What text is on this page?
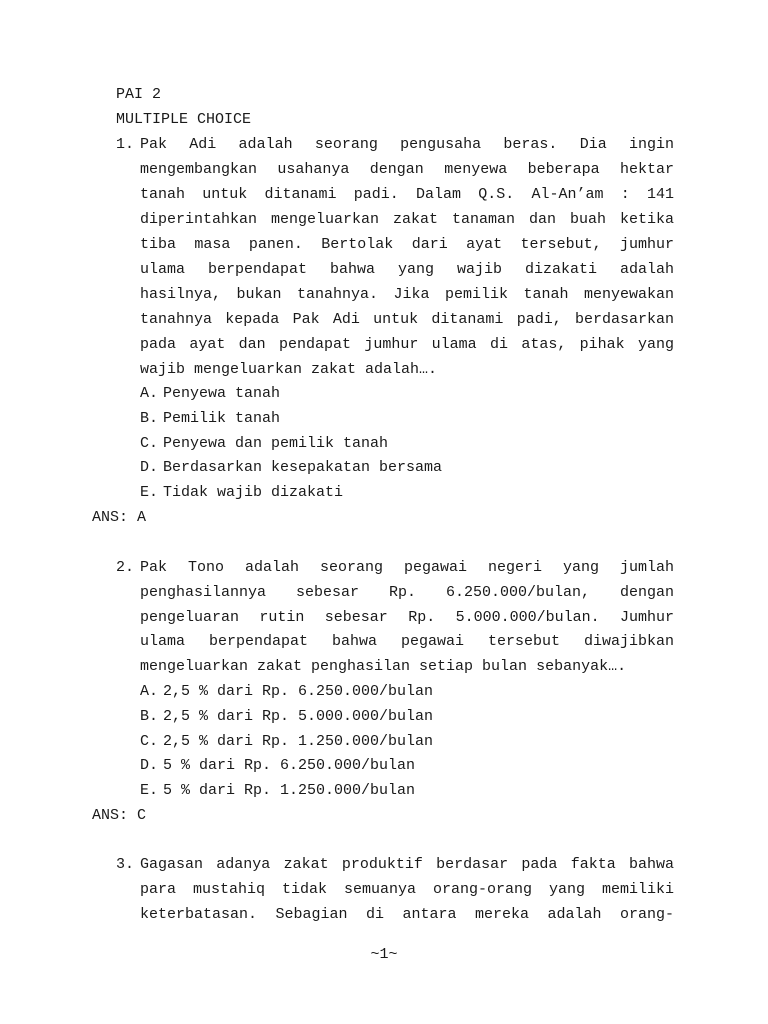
PAI 2
MULTIPLE CHOICE
1. Pak Adi adalah seorang pengusaha beras. Dia ingin
mengembangkan usahanya dengan menyewa beberapa hektar
tanah untuk ditanami padi. Dalam Q.S. Al-An’am : 141
diperintahkan mengeluarkan zakat tanaman dan buah ketika
tiba masa panen. Bertolak dari ayat tersebut, jumhur
ulama berpendapat bahwa yang wajib dizakati adalah
hasilnya, bukan tanahnya. Jika pemilik tanah menyewakan
tanahnya kepada Pak Adi untuk ditanami padi, berdasarkan
pada ayat dan pendapat jumhur ulama di atas, pihak yang
wajib mengeluarkan zakat adalah….
A. Penyewa tanah
B. Pemilik tanah
C. Penyewa dan pemilik tanah
D. Berdasarkan kesepakatan bersama
E. Tidak wajib dizakati
ANS: A
2. Pak Tono adalah seorang pegawai negeri yang jumlah
penghasilannya sebesar Rp. 6.250.000/bulan, dengan
pengeluaran rutin sebesar Rp. 5.000.000/bulan. Jumhur
ulama berpendapat bahwa pegawai tersebut diwajibkan
mengeluarkan zakat penghasilan setiap bulan sebanyak….
A. 2,5 % dari Rp. 6.250.000/bulan
B. 2,5 % dari Rp. 5.000.000/bulan
C. 2,5 % dari Rp. 1.250.000/bulan
D. 5 % dari Rp. 6.250.000/bulan
E. 5 % dari Rp. 1.250.000/bulan
ANS: C
3. Gagasan adanya zakat produktif berdasar pada fakta bahwa
para mustahiq tidak semuanya orang-orang yang memiliki
keterbatasan. Sebagian di antara mereka adalah orang-
~1~
